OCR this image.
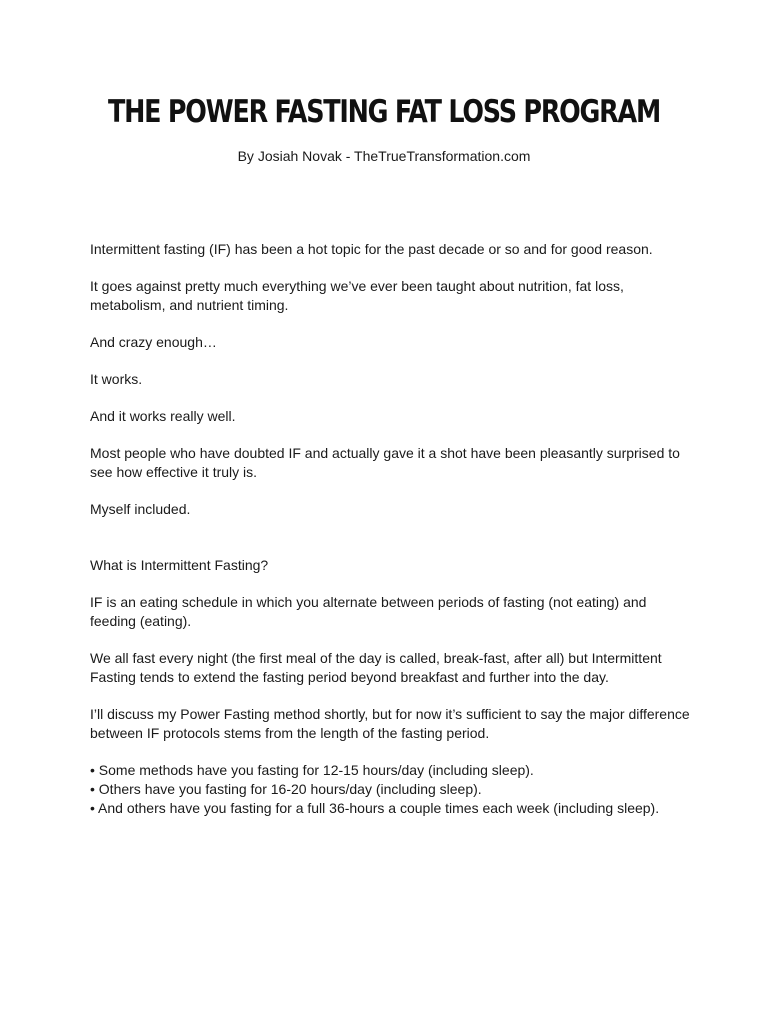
THE POWER FASTING FAT LOSS PROGRAM

By Josiah Novak - TheTrueTransformation.com

Intermittent fasting (IF) has been a hot topic for the past decade or so and for good reason.

It goes against pretty much everything we’ve ever been taught about nutrition, fat loss, metabolism, and nutrient timing.

And crazy enough…

It works.

And it works really well.

Most people who have doubted IF and actually gave it a shot have been pleasantly surprised to see how effective it truly is.

Myself included.

What is Intermittent Fasting?

IF is an eating schedule in which you alternate between periods of fasting (not eating) and feeding (eating).

We all fast every night (the first meal of the day is called, break-fast, after all) but Intermittent Fasting tends to extend the fasting period beyond breakfast and further into the day.

I’ll discuss my Power Fasting method shortly, but for now it’s sufficient to say the major difference between IF protocols stems from the length of the fasting period.

• Some methods have you fasting for 12-15 hours/day (including sleep).
• Others have you fasting for 16-20 hours/day (including sleep).
• And others have you fasting for a full 36-hours a couple times each week (including sleep).
